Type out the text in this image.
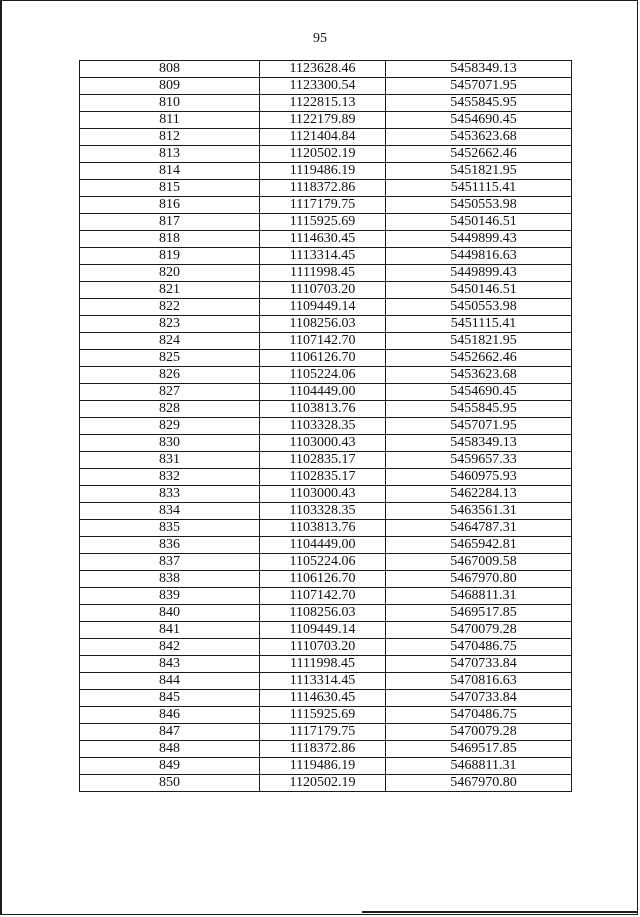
95
808	1123628.46	5458349.13
809	1123300.54	5457071.95
810	1122815.13	5455845.95
811	1122179.89	5454690.45
812	1121404.84	5453623.68
813	1120502.19	5452662.46
814	1119486.19	5451821.95
815	1118372.86	5451115.41
816	1117179.75	5450553.98
817	1115925.69	5450146.51
818	1114630.45	5449899.43
819	1113314.45	5449816.63
820	1111998.45	5449899.43
821	1110703.20	5450146.51
822	1109449.14	5450553.98
823	1108256.03	5451115.41
824	1107142.70	5451821.95
825	1106126.70	5452662.46
826	1105224.06	5453623.68
827	1104449.00	5454690.45
828	1103813.76	5455845.95
829	1103328.35	5457071.95
830	1103000.43	5458349.13
831	1102835.17	5459657.33
832	1102835.17	5460975.93
833	1103000.43	5462284.13
834	1103328.35	5463561.31
835	1103813.76	5464787.31
836	1104449.00	5465942.81
837	1105224.06	5467009.58
838	1106126.70	5467970.80
839	1107142.70	5468811.31
840	1108256.03	5469517.85
841	1109449.14	5470079.28
842	1110703.20	5470486.75
843	1111998.45	5470733.84
844	1113314.45	5470816.63
845	1114630.45	5470733.84
846	1115925.69	5470486.75
847	1117179.75	5470079.28
848	1118372.86	5469517.85
849	1119486.19	5468811.31
850	1120502.19	5467970.80
